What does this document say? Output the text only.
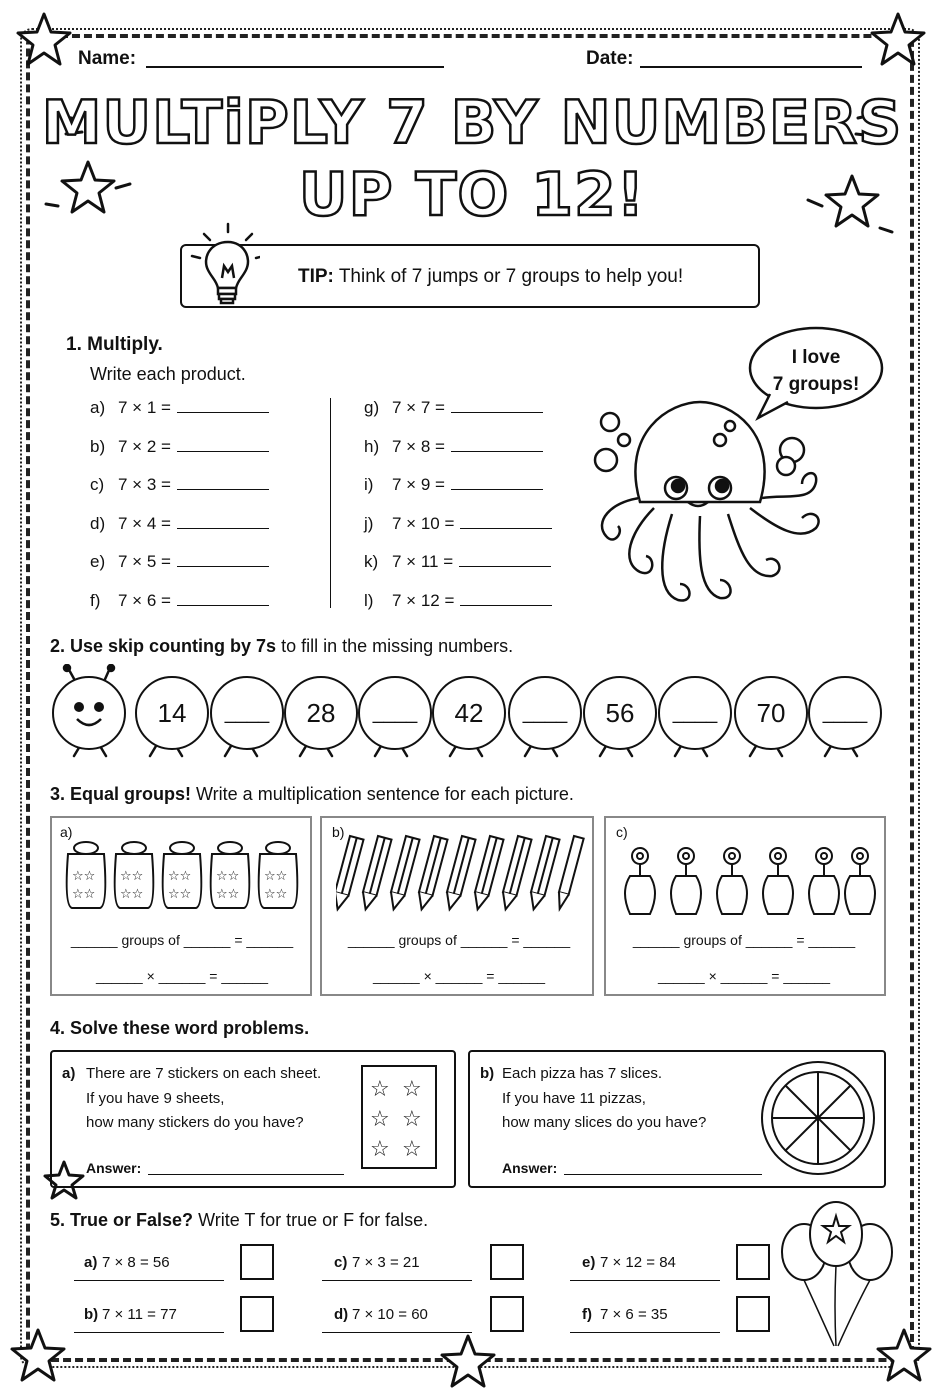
Name:	Date:
MULTiPLY 7 BY NUMBERS
UP TO 12!
TIP: Think of 7 jumps or 7 groups to help you!
1. Multiply.
Write each product.
a) 7 × 1 =
b) 7 × 2 =
c) 7 × 3 =
d) 7 × 4 =
e) 7 × 5 =
f) 7 × 6 =
g) 7 × 7 =
h) 7 × 8 =
i) 7 × 9 =
j) 7 × 10 =
k) 7 × 11 =
l) 7 × 12 =
I love
7 groups!
2. Use skip counting by 7s to fill in the missing numbers.
14	____	28	____	42	____	56	____	70	____
3. Equal groups! Write a multiplication sentence for each picture.
a)	b)	c)
☆☆
☆☆
☆☆
☆☆
☆☆
☆☆
☆☆
☆☆
☆☆
☆☆
______ groups of ______ = ______
______ × ______ = ______
______ groups of ______ = ______
______ × ______ = ______
______ groups of ______ = ______
______ × ______ = ______
4. Solve these word problems.
a) There are 7 stickers on each sheet.
If you have 9 sheets,
how many stickers do you have?
Answer:
☆ ☆
☆ ☆
☆ ☆
b) Each pizza has 7 slices.
If you have 11 pizzas,
how many slices do you have?
Answer:
5. True or False? Write T for true or F for false.
a) 7 × 8 = 56	c) 7 × 3 = 21	e) 7 × 12 = 84
b) 7 × 11 = 77	d) 7 × 10 = 60	f) 7 × 6 = 35
